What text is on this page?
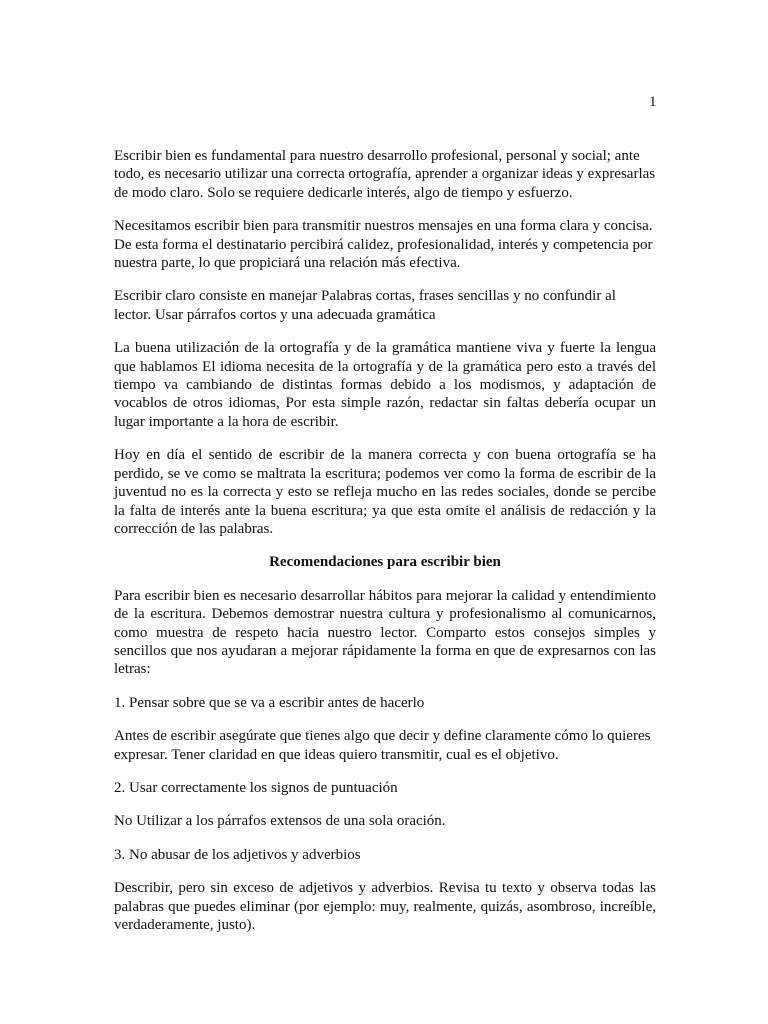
1

Escribir bien es fundamental para nuestro desarrollo profesional, personal y social; ante todo, es necesario utilizar una correcta ortografía, aprender a organizar ideas y expresarlas de modo claro. Solo se requiere dedicarle interés, algo de tiempo y esfuerzo.

Necesitamos escribir bien para transmitir nuestros mensajes en una forma clara y concisa. De esta forma el destinatario percibirá calidez, profesionalidad, interés y competencia por nuestra parte, lo que propiciará una relación más efectiva.

Escribir claro consiste en manejar Palabras cortas, frases sencillas y no confundir al lector. Usar párrafos cortos y una adecuada gramática

La buena utilización de la ortografía y de la gramática mantiene viva y fuerte la lengua que hablamos El idioma necesita de la ortografía y de la gramática pero esto a través del tiempo va cambiando de distintas formas debido a los modismos, y adaptación de vocablos de otros idiomas, Por esta simple razón, redactar sin faltas debería ocupar un lugar importante a la hora de escribir.

Hoy en día el sentido de escribir de la manera correcta y con buena ortografía se ha perdido, se ve como se maltrata la escritura; podemos ver como la forma de escribir de la juventud no es la correcta y esto se refleja mucho en las redes sociales, donde se percibe la falta de interés ante la buena escritura; ya que esta omite el análisis de redacción y la corrección de las palabras.

Recomendaciones para escribir bien

Para escribir bien es necesario desarrollar hábitos para mejorar la calidad y entendimiento de la escritura. Debemos demostrar nuestra cultura y profesionalismo al comunicarnos, como muestra de respeto hacia nuestro lector. Comparto estos consejos simples y sencillos que nos ayudaran a mejorar rápidamente la forma en que de expresarnos con las letras:

1. Pensar sobre que se va a escribir antes de hacerlo

Antes de escribir asegúrate que tienes algo que decir y define claramente cómo lo quieres expresar. Tener claridad en que ideas quiero transmitir, cual es el objetivo.

2. Usar correctamente los signos de puntuación

No Utilizar a los párrafos extensos de una sola oración.

3. No abusar de los adjetivos y adverbios

Describir, pero sin exceso de adjetivos y adverbios. Revisa tu texto y observa todas las palabras que puedes eliminar (por ejemplo: muy, realmente, quizás, asombroso, increíble, verdaderamente, justo).
